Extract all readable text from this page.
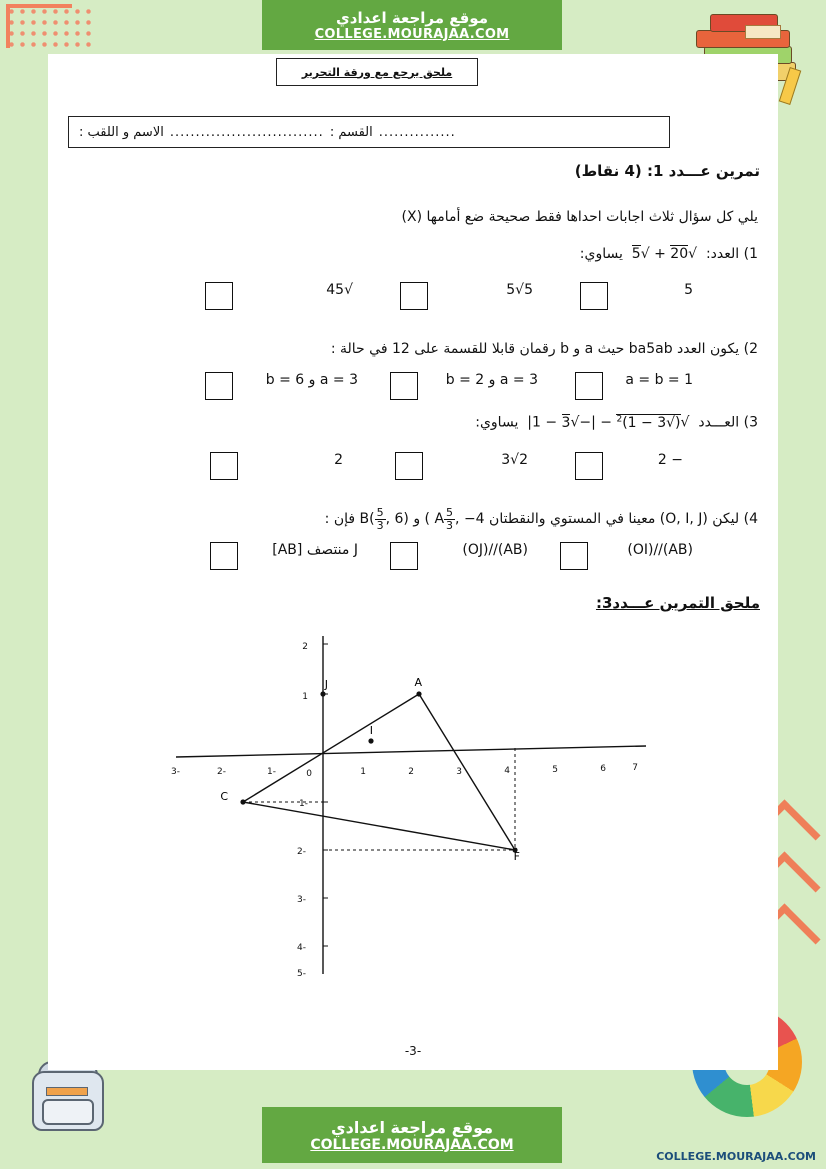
موقع مراجعة اعدادي
COLLEGE.MOURAJAA.COM
موقع مراجعة اعدادي
COLLEGE.MOURAJAA.COM
COLLEGE.MOURAJAA.COM
ملحق يرجع مع ورقة التحرير
الاسم و اللقب : .............................. القسم : ...............
تمرين عـــدد 1: (4 نقاط)
يلي كل سؤال ثلاث اجابات احداها فقط صحيحة ضع أمامها (X)
1) العدد:  √20 + √5  يساوي:
5
5√5
√45
2) يكون العدد ba5ab حيث a و b رقمان قابلا للقسمة على 12 في حالة :
a = b = 1
a = 3 و b = 2
a = 3 و b = 6
3) العـــدد  $√(√3 - 1)^2 - |-√3 - 1|$  يساوي:
− 2
2√3
2
4) ليكن (O, I, J) معينا في المستوي والنقطتان A
$\frac{5}{3}$, −4 ) و B(
$\frac{5}{3}$, 6) فإن :
(AB)//(OI)
(AB)//(OJ)
J منتصف [AB]
ملحق التمرين عـــدد3:
-3	-2	-1	0	1	2	3	4	5	6	7
2
1
-1
-2
-3
-4
-5
J
I
A
C
F
-3-
